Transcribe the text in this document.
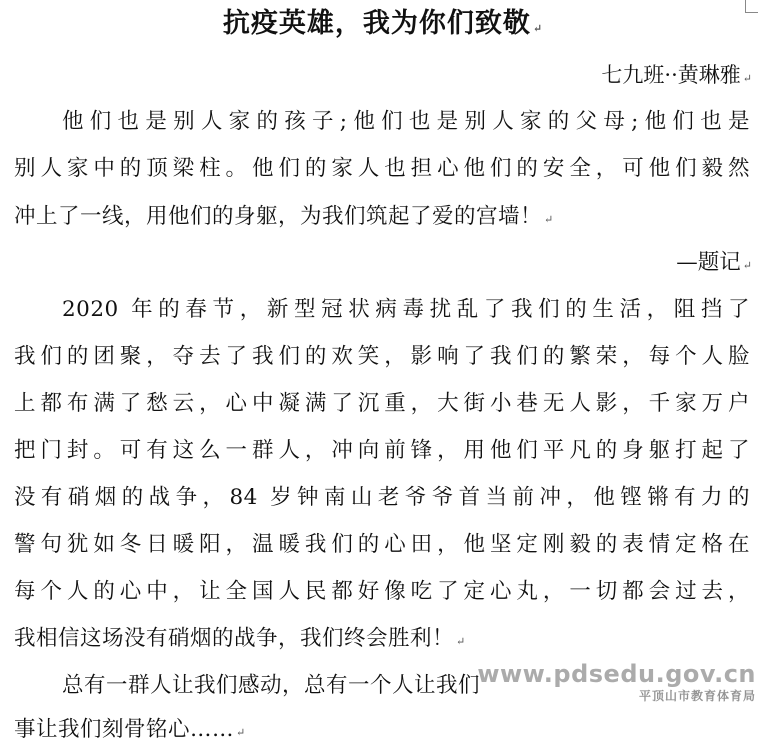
抗疫英雄，我为你们致敬 ↵
七九班··黄琳雅 ↵
他们也是别人家的孩子;他们也是别人家的父母;他们也是
别人家中的顶梁柱。他们的家人也担心他们的安全，可他们毅然
冲上了一线，用他们的身躯，为我们筑起了爱的宫墙！ ↵
—题记 ↵
2020 年的春节，新型冠状病毒扰乱了我们的生活，阻挡了
我们的团聚，夺去了我们的欢笑，影响了我们的繁荣，每个人脸
上都布满了愁云，心中凝满了沉重，大街小巷无人影，千家万户
把门封。可有这么一群人，冲向前锋，用他们平凡的身躯打起了
没有硝烟的战争，84 岁钟南山老爷爷首当前冲，他铿锵有力的
警句犹如冬日暖阳，温暖我们的心田，他坚定刚毅的表情定格在
每个人的心中，让全国人民都好像吃了定心丸，一切都会过去，
我相信这场没有硝烟的战争，我们终会胜利！ ↵
总有一群人让我们感动，总有一个人让我们
事让我们刻骨铭心…… ↵
www.pdsedu.gov.cn
平顶山市教育体育局
